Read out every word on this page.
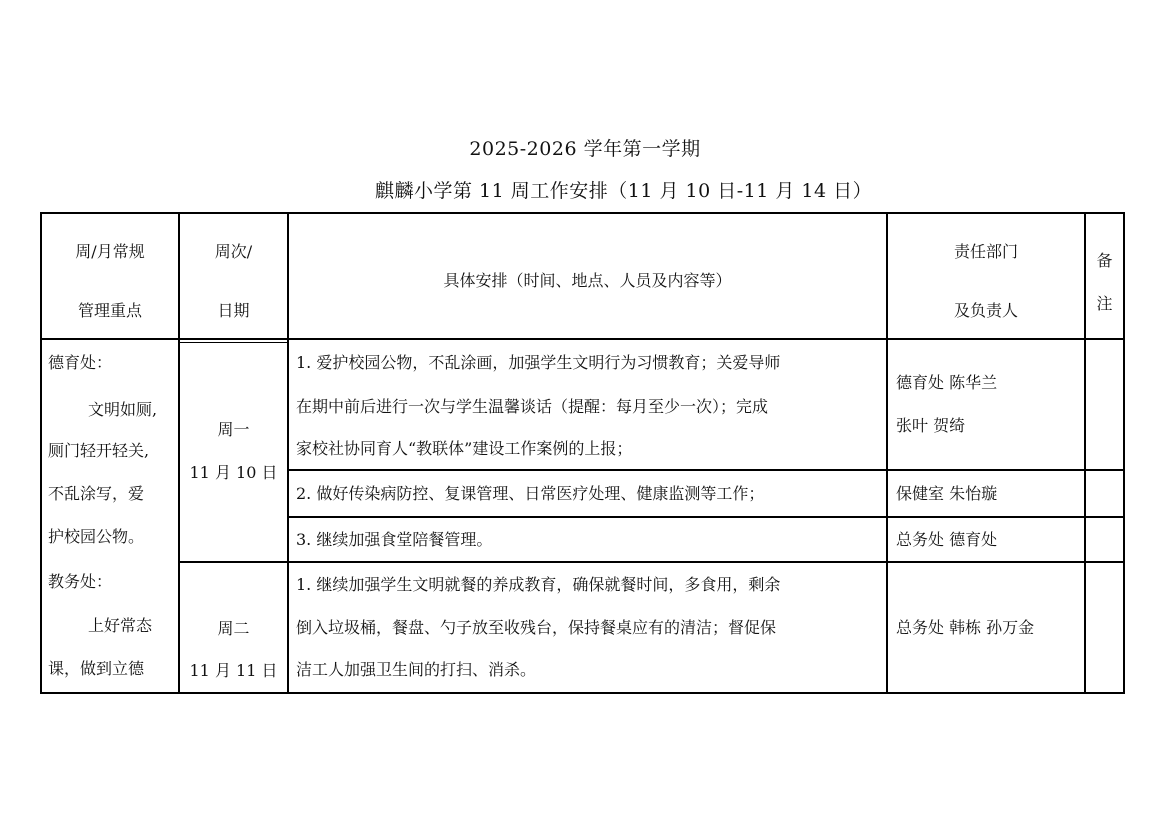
2025-2026 学年第一学期
麒麟小学第 11 周工作安排（11 月 10 日-11 月 14 日）
周/月常规
管理重点
周次/
日期
具体安排（时间、地点、人员及内容等）
责任部门
及负责人
备
注
德育处：
文明如厕,
厕门轻开轻关,
不乱涂写，爱
护校园公物。
教务处：
上好常态
课，做到立德
周一
11 月 10 日
1. 爱护校园公物，不乱涂画，加强学生文明行为习惯教育；关爱导师
在期中前后进行一次与学生温馨谈话（提醒：每月至少一次）；完成
家校社协同育人“教联体”建设工作案例的上报；
德育处 陈华兰
张叶 贺绮
2. 做好传染病防控、复课管理、日常医疗处理、健康监测等工作；	保健室 朱怡璇
3. 继续加强食堂陪餐管理。	总务处 德育处
周二
11 月 11 日
1. 继续加强学生文明就餐的养成教育，确保就餐时间，多食用，剩余
倒入垃圾桶，餐盘、勺子放至收残台，保持餐桌应有的清洁；督促保
洁工人加强卫生间的打扫、消杀。
总务处 韩栋 孙万金
